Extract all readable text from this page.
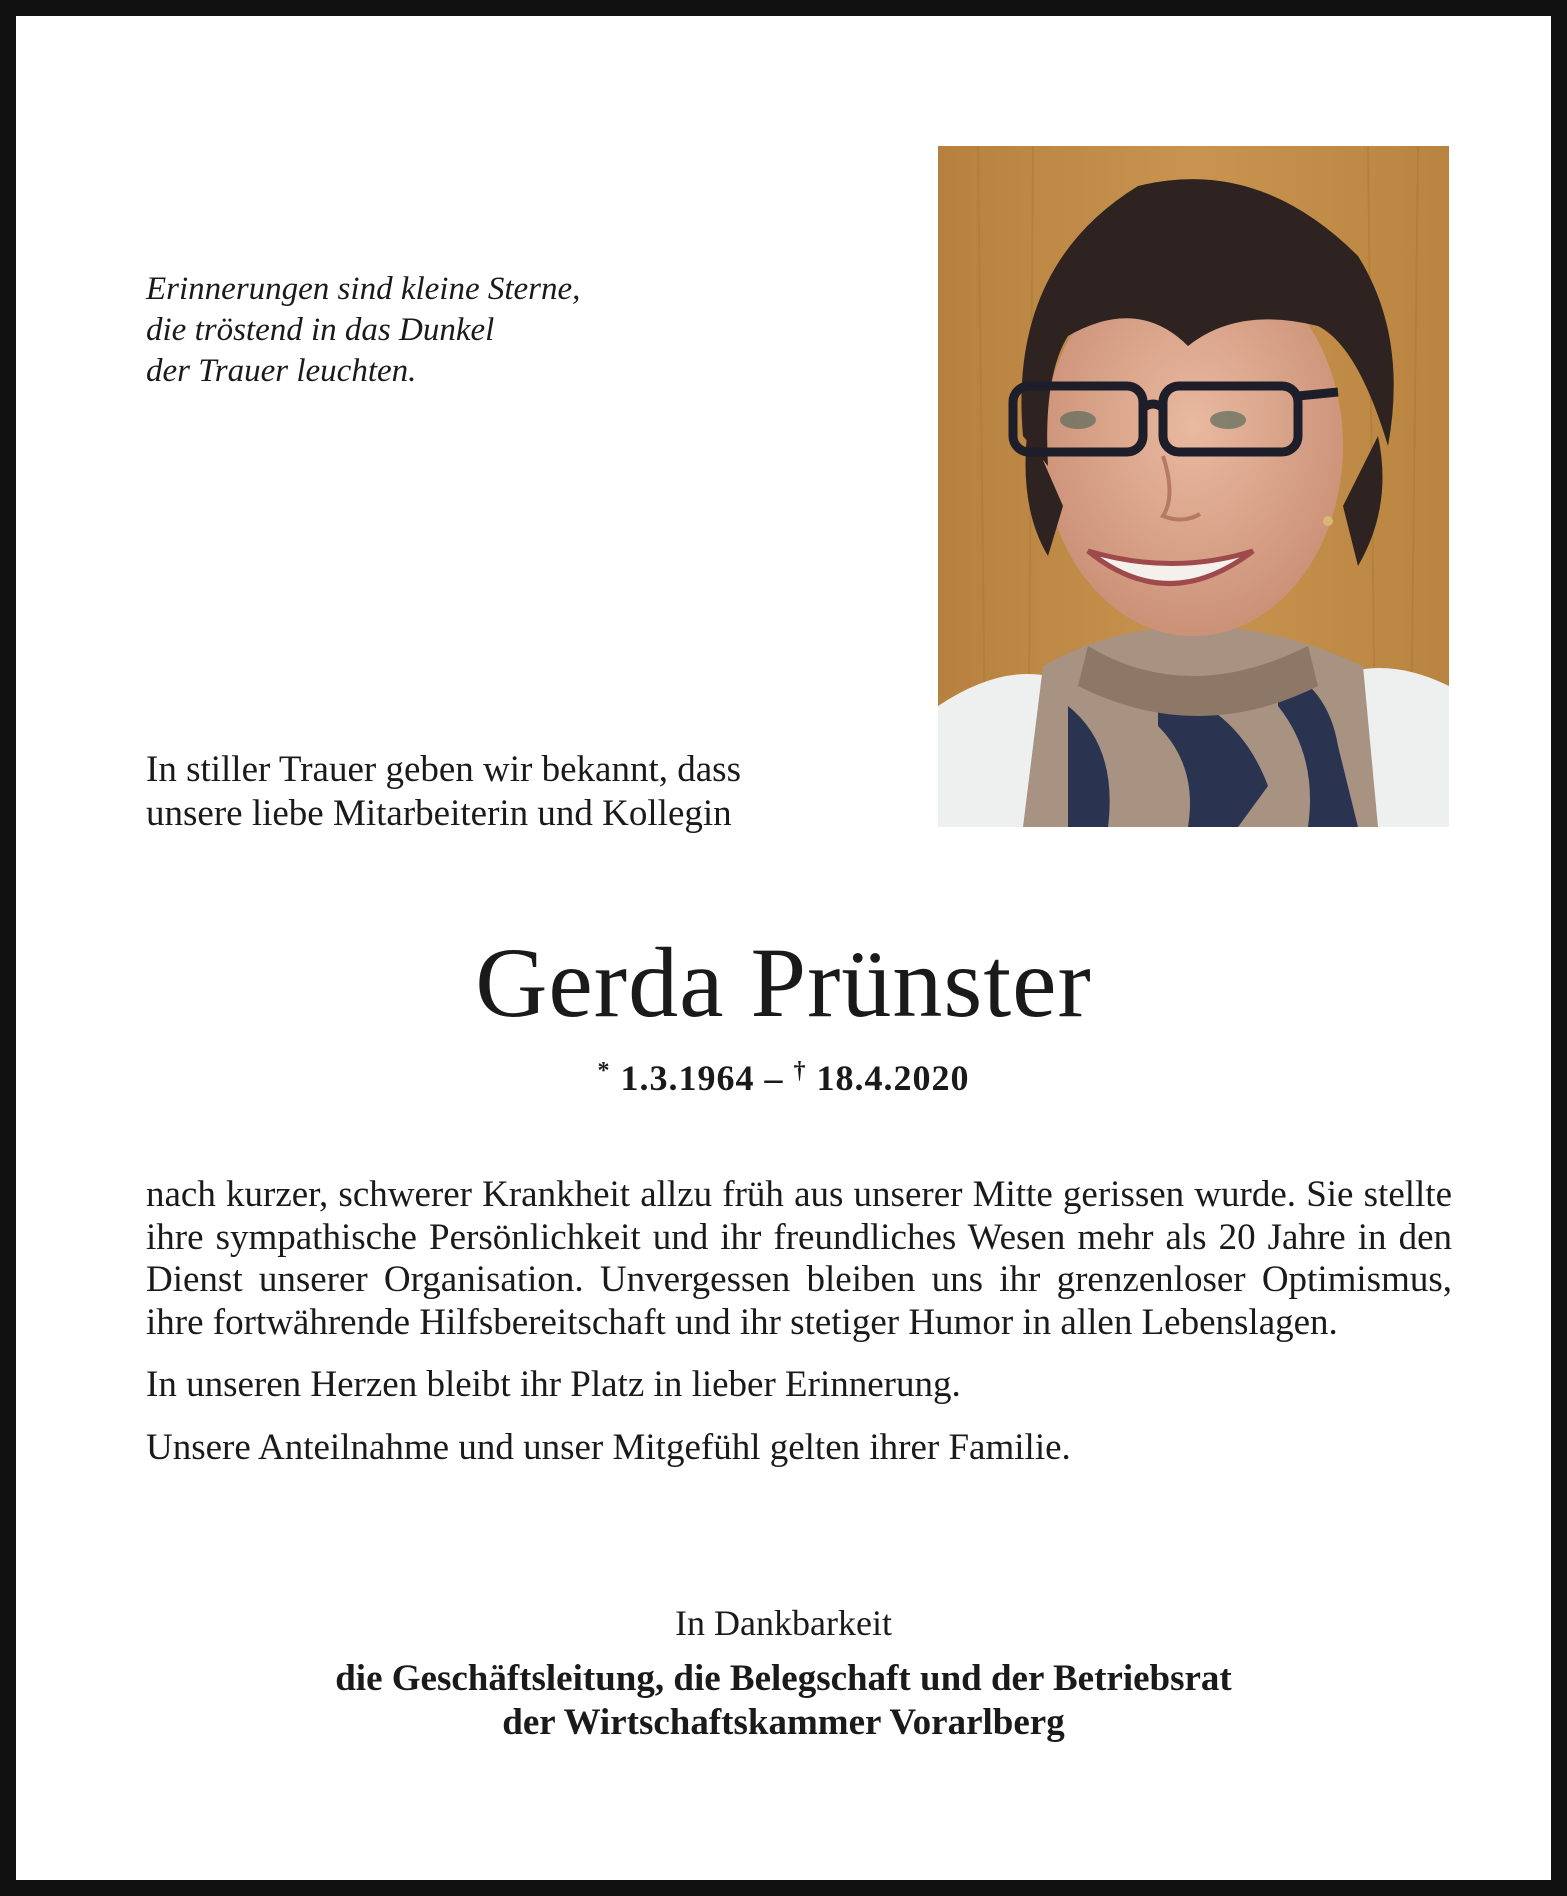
Erinnerungen sind kleine Sterne,
die tröstend in das Dunkel
der Trauer leuchten.
In stiller Trauer geben wir bekannt, dass
unsere liebe Mitarbeiterin und Kollegin
Gerda Prünster
* 1.3.1964 – † 18.4.2020
nach kurzer, schwerer Krankheit allzu früh aus unserer Mitte gerissen wurde. Sie stellte ihre sympathische Persönlichkeit und ihr freundliches Wesen mehr als 20 Jahre in den Dienst unserer Organisation. Unvergessen bleiben uns ihr grenzenloser Optimismus, ihre fortwährende Hilfsbereitschaft und ihr stetiger Humor in allen Lebenslagen.
In unseren Herzen bleibt ihr Platz in lieber Erinnerung.
Unsere Anteilnahme und unser Mitgefühl gelten ihrer Familie.
In Dankbarkeit
die Geschäftsleitung, die Belegschaft und der Betriebsrat
der Wirtschaftskammer Vorarlberg
